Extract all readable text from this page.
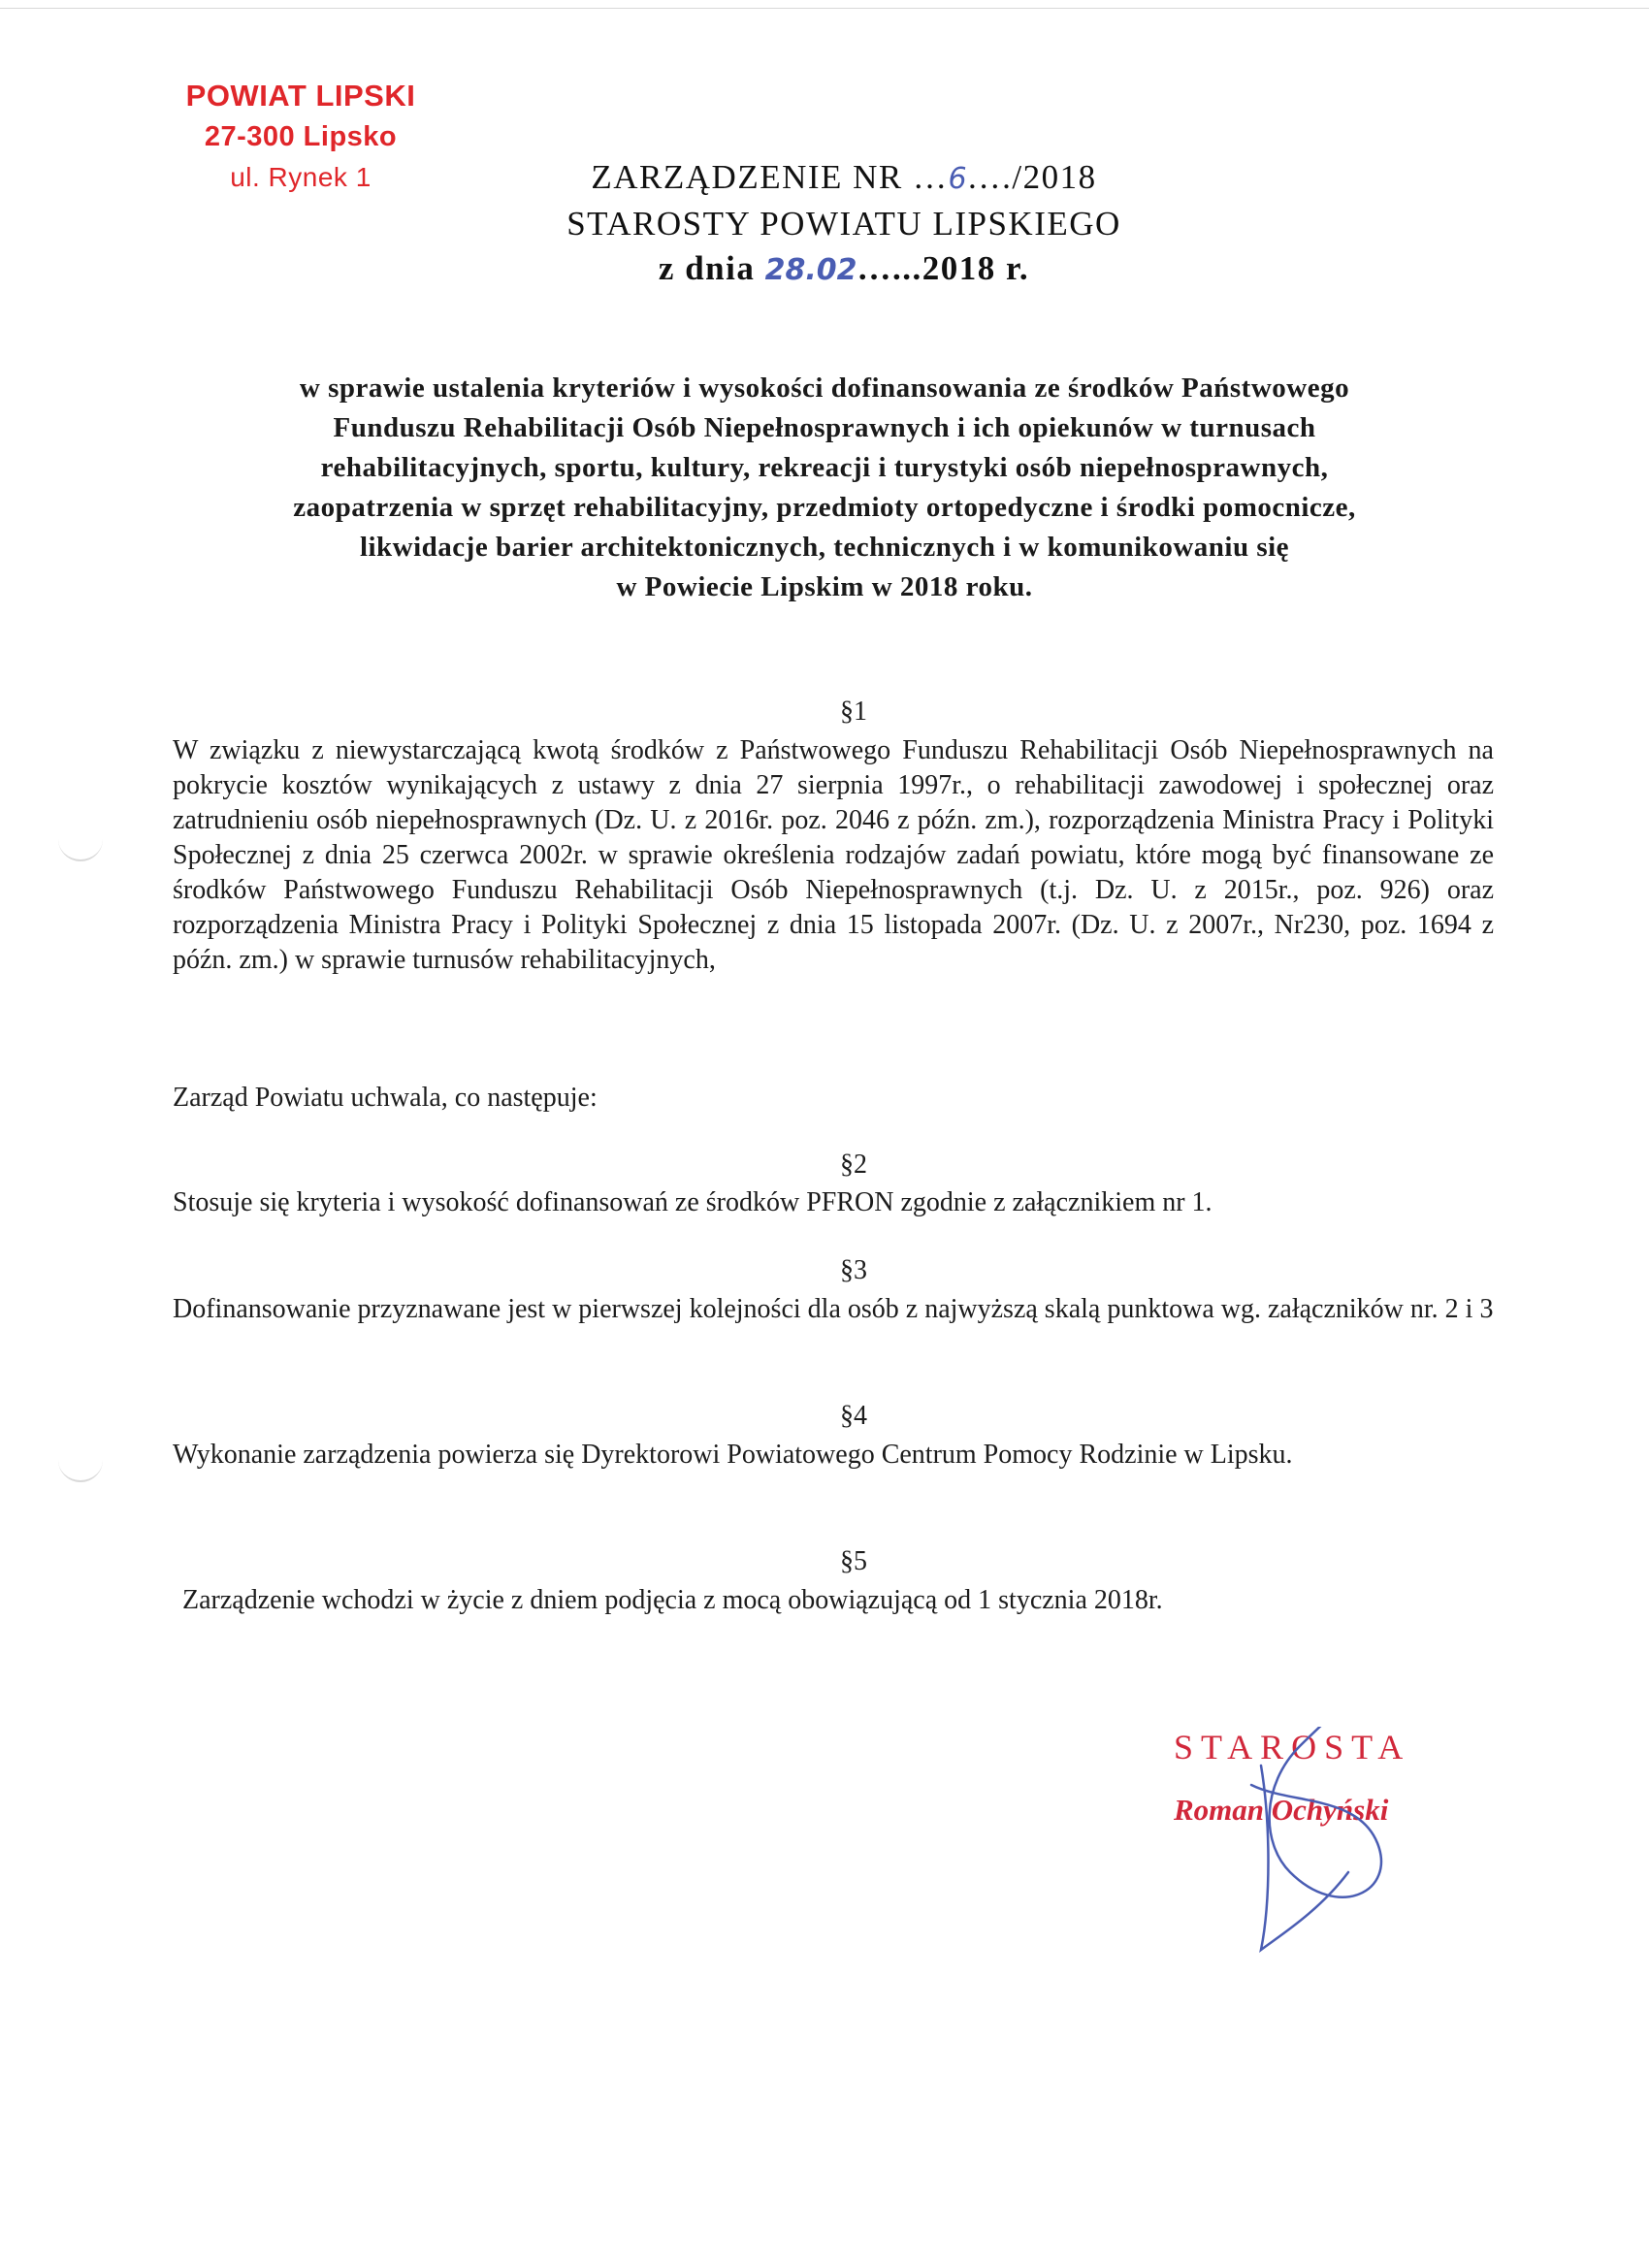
POWIAT LIPSKI
27-300 Lipsko
ul. Rynek 1	ZARZĄDZENIE NR …6…./2018
STAROSTY POWIATU LIPSKIEGO
z dnia 28.02…...2018 r.
w sprawie ustalenia kryteriów i wysokości dofinansowania ze środków Państwowego
Funduszu Rehabilitacji Osób Niepełnosprawnych i ich opiekunów w turnusach
rehabilitacyjnych, sportu, kultury, rekreacji i turystyki osób niepełnosprawnych,
zaopatrzenia w sprzęt rehabilitacyjny, przedmioty ortopedyczne i środki pomocnicze,
likwidacje barier architektonicznych, technicznych i w komunikowaniu się
w Powiecie Lipskim w 2018 roku.
§1
W związku z niewystarczającą kwotą środków z Państwowego Funduszu Rehabilitacji Osób Niepełnosprawnych na pokrycie kosztów wynikających z ustawy z dnia 27 sierpnia 1997r., o rehabilitacji zawodowej i społecznej oraz zatrudnieniu osób niepełnosprawnych (Dz. U. z 2016r. poz. 2046 z późn. zm.), rozporządzenia Ministra Pracy i Polityki Społecznej z dnia 25 czerwca 2002r. w sprawie określenia rodzajów zadań powiatu, które mogą być finansowane ze środków Państwowego Funduszu Rehabilitacji Osób Niepełnosprawnych (t.j. Dz. U. z 2015r., poz. 926) oraz rozporządzenia Ministra Pracy i Polityki Społecznej z dnia 15 listopada 2007r. (Dz. U. z 2007r., Nr230, poz. 1694 z późn. zm.) w sprawie turnusów rehabilitacyjnych,
Zarząd Powiatu uchwala, co następuje:
§2
Stosuje się kryteria i wysokość dofinansowań ze środków PFRON zgodnie z załącznikiem nr 1.
§3
Dofinansowanie przyznawane jest w pierwszej kolejności dla osób z najwyższą skalą punktowa wg. załączników nr. 2 i 3
§4
Wykonanie zarządzenia powierza się Dyrektorowi Powiatowego Centrum Pomocy Rodzinie w Lipsku.
§5
Zarządzenie wchodzi w życie z dniem podjęcia z mocą obowiązującą od 1 stycznia 2018r.
STAROSTA
Roman Ochyński
